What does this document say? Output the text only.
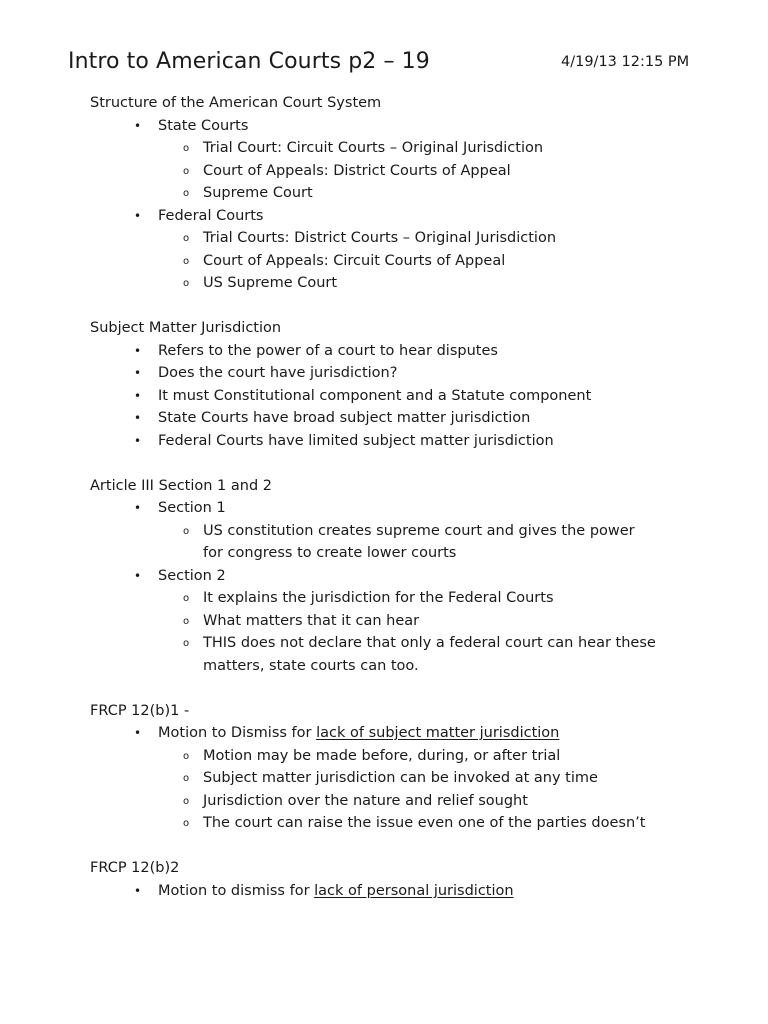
Intro to American Courts p2 – 19	4/19/13 12:15 PM
Structure of the American Court System
• State Courts
o Trial Court: Circuit Courts – Original Jurisdiction
o Court of Appeals: District Courts of Appeal
o Supreme Court
• Federal Courts
o Trial Courts: District Courts – Original Jurisdiction
o Court of Appeals: Circuit Courts of Appeal
o US Supreme Court
Subject Matter Jurisdiction
• Refers to the power of a court to hear disputes
• Does the court have jurisdiction?
• It must Constitutional component and a Statute component
• State Courts have broad subject matter jurisdiction
• Federal Courts have limited subject matter jurisdiction
Article III Section 1 and 2
• Section 1
o US constitution creates supreme court and gives the power
for congress to create lower courts
• Section 2
o It explains the jurisdiction for the Federal Courts
o What matters that it can hear
o THIS does not declare that only a federal court can hear these
matters, state courts can too.
FRCP 12(b)1 -
• Motion to Dismiss for lack of subject matter jurisdiction
o Motion may be made before, during, or after trial
o Subject matter jurisdiction can be invoked at any time
o Jurisdiction over the nature and relief sought
o The court can raise the issue even one of the parties doesn’t
FRCP 12(b)2
• Motion to dismiss for lack of personal jurisdiction
